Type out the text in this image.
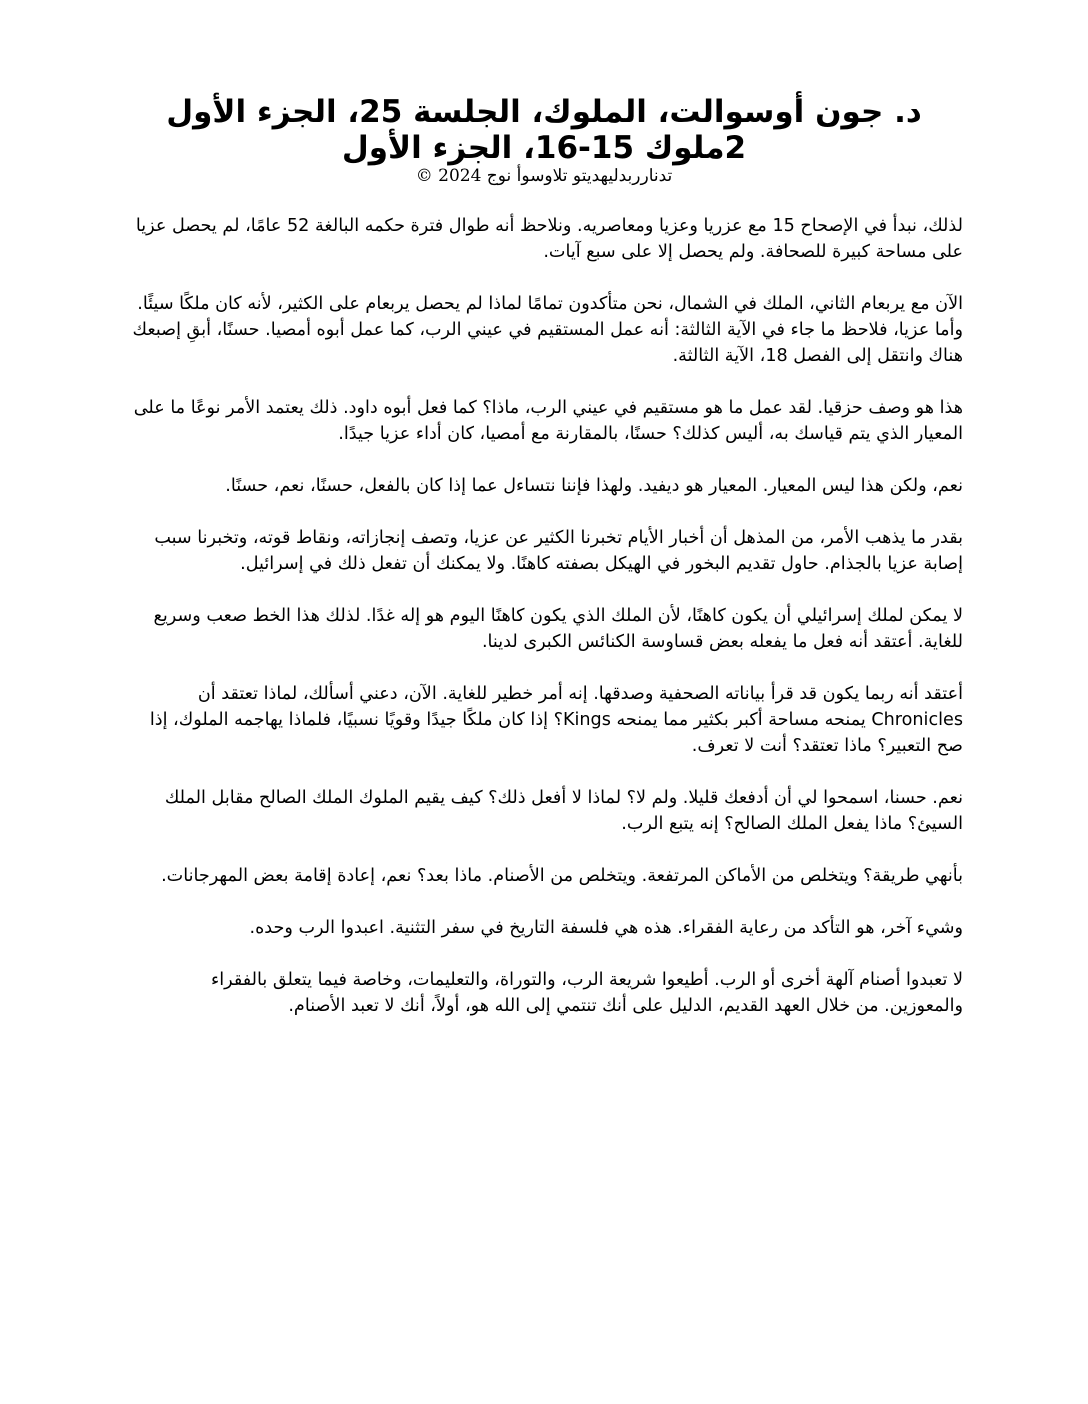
د. جون أوسوالت، الملوك، الجلسة 25، الجزء الأول

2ملوك 15-16، الجزء الأول

تدنارربدليهديتو تلاوسوأ نوج 2024 ©

لذلك، نبدأ في الإصحاح 15 مع عزريا وعزيا ومعاصريه. ونلاحظ أنه طوال فترة حكمه البالغة 52 عامًا، لم يحصل عزيا على مساحة كبيرة للصحافة. ولم يحصل إلا على سبع آيات.

الآن مع يربعام الثاني، الملك في الشمال، نحن متأكدون تمامًا لماذا لم يحصل يربعام على الكثير، لأنه كان ملكًا سيئًا. وأما عزيا، فلاحظ ما جاء في الآية الثالثة: أنه عمل المستقيم في عيني الرب، كما عمل أبوه أمصيا. حسنًا، أبقِ إصبعك هناك وانتقل إلى الفصل 18، الآية الثالثة.

هذا هو وصف حزقيا. لقد عمل ما هو مستقيم في عيني الرب، ماذا؟ كما فعل أبوه داود. ذلك يعتمد الأمر نوعًا ما على المعيار الذي يتم قياسك به، أليس كذلك؟ حسنًا، بالمقارنة مع أمصيا، كان أداء عزيا جيدًا.

نعم، ولكن هذا ليس المعيار. المعيار هو ديفيد. ولهذا فإننا نتساءل عما إذا كان بالفعل، حسنًا، نعم، حسنًا.

بقدر ما يذهب الأمر، من المذهل أن أخبار الأيام تخبرنا الكثير عن عزيا، وتصف إنجازاته، ونقاط قوته، وتخبرنا سبب إصابة عزيا بالجذام. حاول تقديم البخور في الهيكل بصفته كاهنًا. ولا يمكنك أن تفعل ذلك في إسرائيل.

لا يمكن لملك إسرائيلي أن يكون كاهنًا، لأن الملك الذي يكون كاهنًا اليوم هو إله غدًا. لذلك هذا الخط صعب وسريع للغاية. أعتقد أنه فعل ما يفعله بعض قساوسة الكنائس الكبرى لدينا.

أعتقد أنه ربما يكون قد قرأ بياناته الصحفية وصدقها. إنه أمر خطير للغاية. الآن، دعني أسألك، لماذا تعتقد أن Chronicles يمنحه مساحة أكبر بكثير مما يمنحه Kings؟ إذا كان ملكًا جيدًا وقويًا نسبيًا، فلماذا يهاجمه الملوك، إذا صح التعبير؟ ماذا تعتقد؟ أنت لا تعرف.

نعم. حسنا، اسمحوا لي أن أدفعك قليلا. ولم لا؟ لماذا لا أفعل ذلك؟ كيف يقيم الملوك الملك الصالح مقابل الملك السيئ؟ ماذا يفعل الملك الصالح؟ إنه يتبع الرب.

بأنهي طريقة؟ ويتخلص من الأماكن المرتفعة. ويتخلص من الأصنام. ماذا بعد؟ نعم، إعادة إقامة بعض المهرجانات.

وشيء آخر، هو التأكد من رعاية الفقراء. هذه هي فلسفة التاريخ في سفر التثنية. اعبدوا الرب وحده.

لا تعبدوا أصنام آلهة أخرى أو الرب. أطيعوا شريعة الرب، والتوراة، والتعليمات، وخاصة فيما يتعلق بالفقراء والمعوزين. من خلال العهد القديم، الدليل على أنك تنتمي إلى الله هو، أولاً، أنك لا تعبد الأصنام.
